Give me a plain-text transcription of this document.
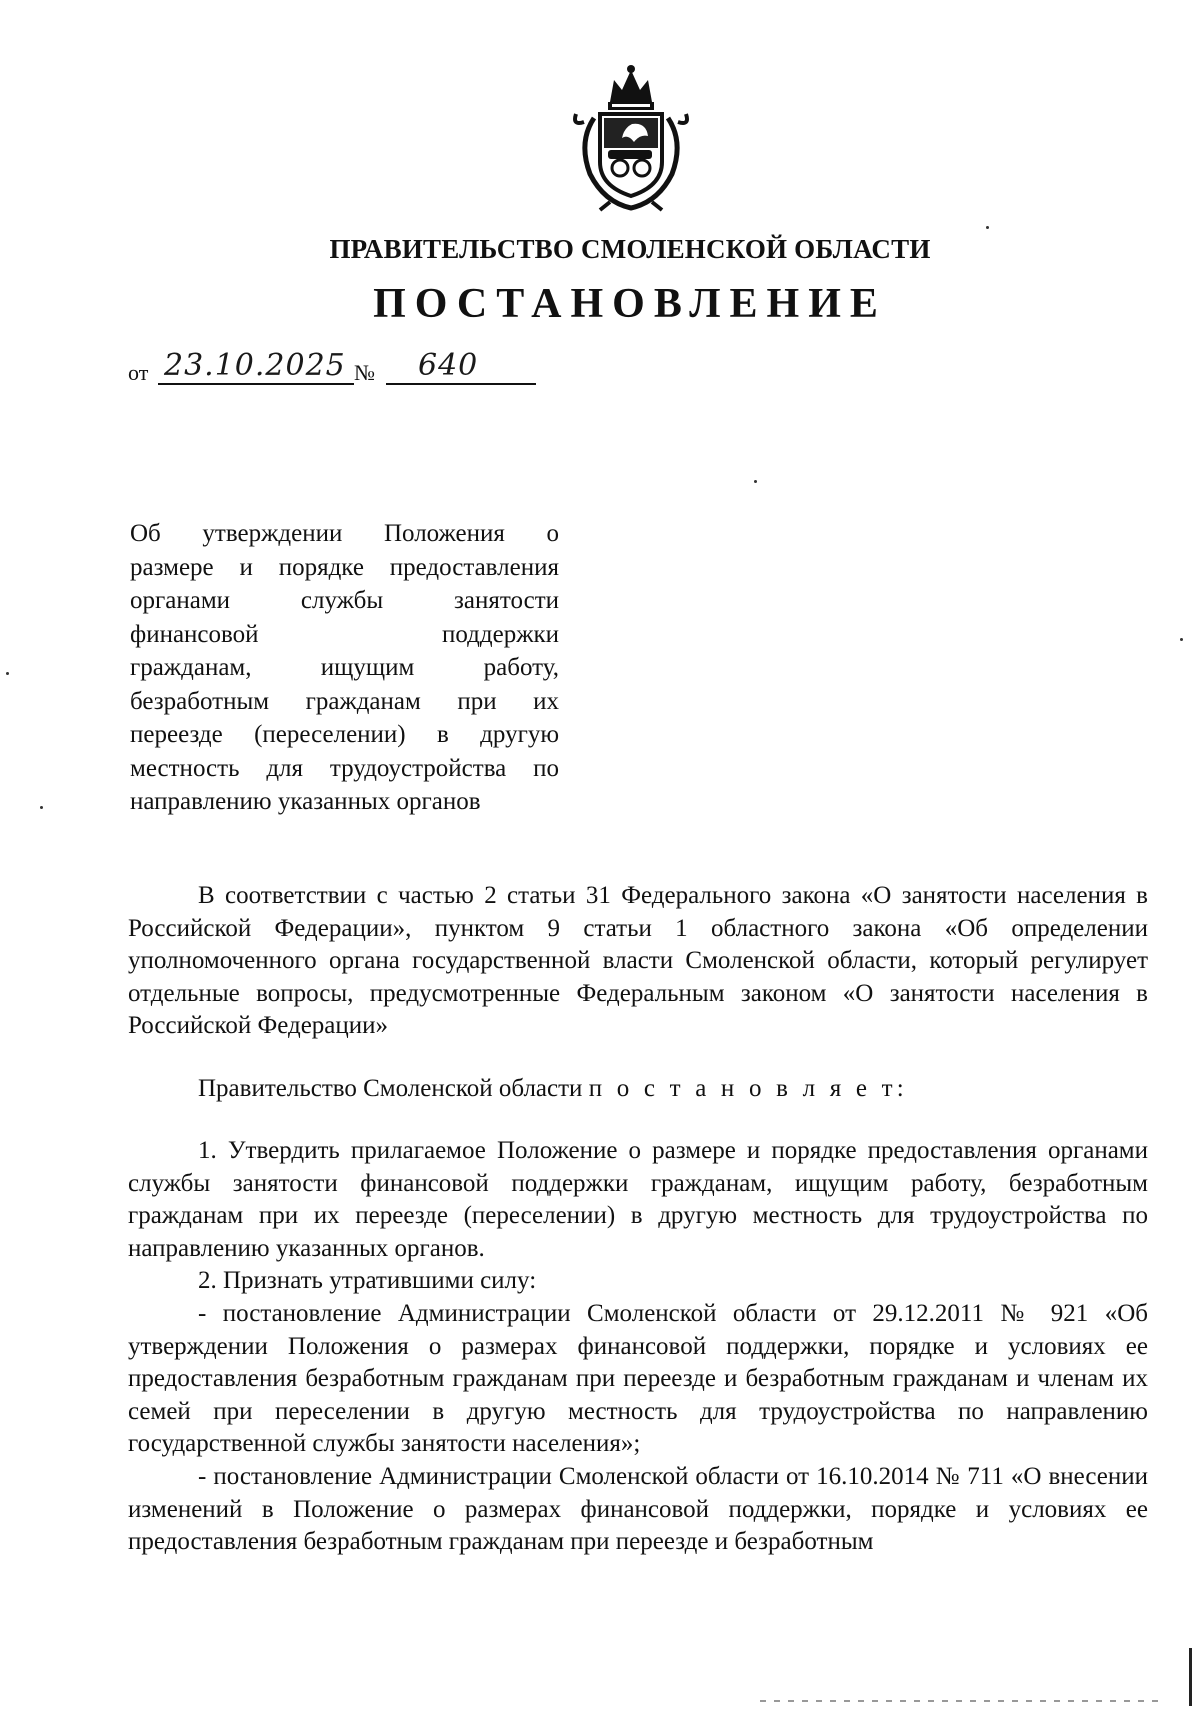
ПРАВИТЕЛЬСТВО СМОЛЕНСКОЙ ОБЛАСТИ
ПОСТАНОВЛЕНИЕ
от 23.10.2025 № 640
Об утверждении Положения о
размере и порядке предоставления
органами службы занятости
финансовой поддержки
гражданам, ищущим работу,
безработным гражданам при их
переезде (переселении) в другую
местность для трудоустройства по
направлению указанных органов

В соответствии с частью 2 статьи 31 Федерального закона «О занятости населения в Российской Федерации», пунктом 9 статьи 1 областного закона «Об определении уполномоченного органа государственной власти Смоленской области, который регулирует отдельные вопросы, предусмотренные Федеральным законом «О занятости населения в Российской Федерации»

Правительство Смоленской области п о с т а н о в л я е т:

1. Утвердить прилагаемое Положение о размере и порядке предоставления органами службы занятости финансовой поддержки гражданам, ищущим работу, безработным гражданам при их переезде (переселении) в другую местность для трудоустройства по направлению указанных органов.

2. Признать утратившими силу:

- постановление Администрации Смоленской области от 29.12.2011 № 921 «Об утверждении Положения о размерах финансовой поддержки, порядке и условиях ее предоставления безработным гражданам при переезде и безработным гражданам и членам их семей при переселении в другую местность для трудоустройства по направлению государственной службы занятости населения»;

- постановление Администрации Смоленской области от 16.10.2014 № 711 «О внесении изменений в Положение о размерах финансовой поддержки, порядке и условиях ее предоставления безработным гражданам при переезде и безработным
